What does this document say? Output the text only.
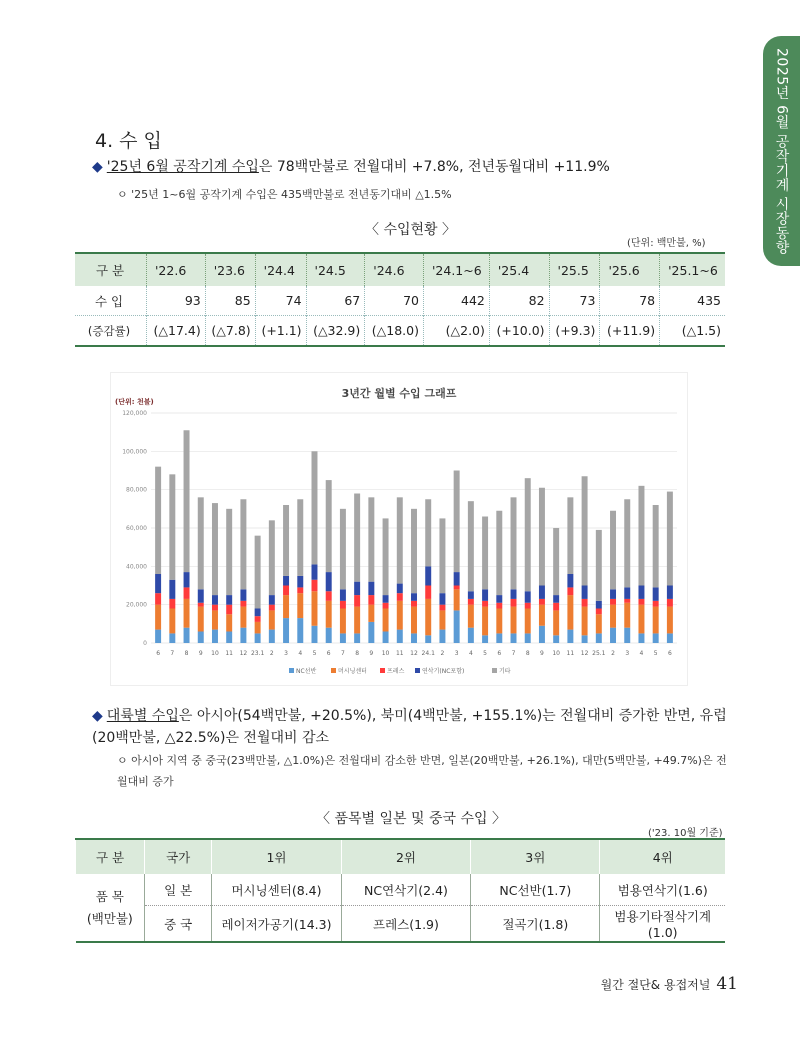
2025년 6월 공작기계 시장동향
4. 수 입
◆ '25년 6월 공작기계 수입은 78백만불로 전월대비 +7.8%, 전년동월대비 +11.9%
ㅇ '25년 1~6월 공작기계 수입은 435백만불로 전년동기대비 △1.5%
〈 수입현황 〉
(단위: 백만불, %)
구 분	'22.6	'23.6	'24.4	'24.5	'24.6	'24.1~6	'25.4	'25.5	'25.6	'25.1~6
수 입	93	85	74	67	70	442	82	73	78	435
(증감률)	(△17.4)	(△7.8)	(+1.1)	(△32.9)	(△18.0)	(△2.0)	(+10.0)	(+9.3)	(+11.9)	(△1.5)
3년간 월별 수입 그래프
(단위: 천불)
0
20,000
40,000
60,000
80,000
100,000
120,000
6 7 8 9 10 11 12 23.1 2 3 4 5 6 7 8 9 10 11 12 24.1 2 3 4 5 6 7 8 9 10 11 12 25.1 2 3 4 5 6
NC선반	머시닝센터	프레스	연삭기(NC포함)	기타
◆ 대륙별 수입은 아시아(54백만불, +20.5%), 북미(4백만불, +155.1%)는 전월대비 증가한 반면, 유럽(20백만불, △22.5%)은 전월대비 감소
ㅇ 아시아 지역 중 중국(23백만불, △1.0%)은 전월대비 감소한 반면, 일본(20백만불, +26.1%), 대만(5백만불, +49.7%)은 전월대비 증가
〈 품목별 일본 및 중국 수입 〉
('23. 10월 기준)
구 분	국가	1위	2위	3위	4위
품 목
(백만불)	일 본	머시닝센터(8.4)	NC연삭기(2.4)	NC선반(1.7)	범용연삭기(1.6)
	중 국	레이저가공기(14.3)	프레스(1.9)	절곡기(1.8)	범용기타절삭기계(1.0)
월간 절단& 용접저널 41
